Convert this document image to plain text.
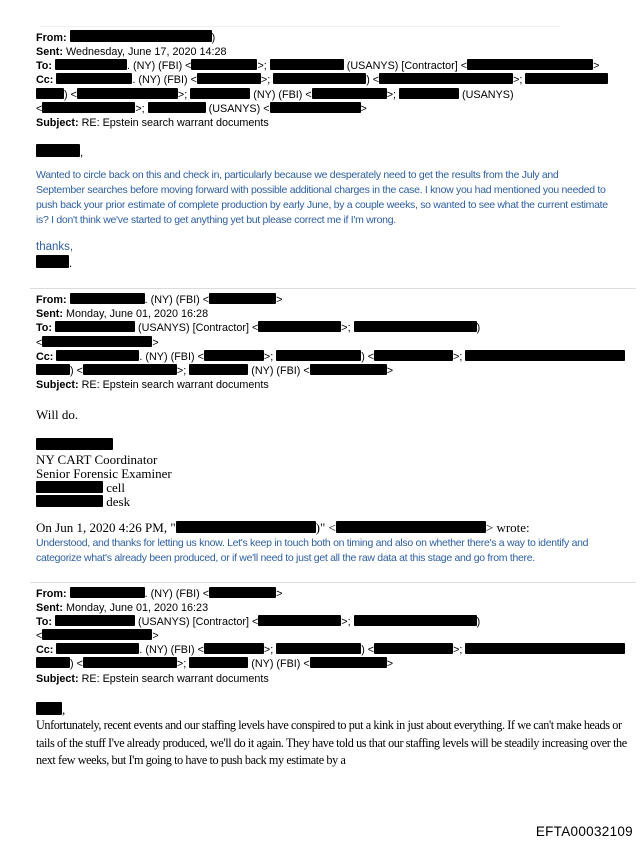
From:	)
Sent: Wednesday, June 17, 2020 14:28
To:	. (NY) (FBI) <	>;	(USANYS) [Contractor] <	>
Cc:	. (NY) (FBI) <	>;	) <	>;
) <	>;	(NY) (FBI) <	>;	(USANYS)
<	>;	(USANYS) <	>
Subject: RE: Epstein search warrant documents
,
Wanted to circle back on this and check in, particularly because we desperately need to get the results from the July and September searches before moving forward with possible additional charges in the case. I know you had mentioned you needed to push back your prior estimate of complete production by early June, by a couple weeks, so wanted to see what the current estimate is? I don't think we've started to get anything yet but please correct me if I'm wrong.
thanks,
.
From:	. (NY) (FBI) <	>
Sent: Monday, June 01, 2020 16:28
To:	(USANYS) [Contractor] <	>;	)
<	>
Cc:	. (NY) (FBI) <	>;	) <	>;
) <	>;	(NY) (FBI) <	>
Subject: RE: Epstein search warrant documents
Will do.
NY CART Coordinator
Senior Forensic Examiner
cell
desk
On Jun 1, 2020 4:26 PM, "	)" <	> wrote:
Understood, and thanks for letting us know. Let's keep in touch both on timing and also on whether there's a way to identify and categorize what's already been produced, or if we'll need to just get all the raw data at this stage and go from there.
From:	. (NY) (FBI) <	>
Sent: Monday, June 01, 2020 16:23
To:	(USANYS) [Contractor] <	>;	)
<	>
Cc:	. (NY) (FBI) <	>;	) <	>;
) <	>;	(NY) (FBI) <	>
Subject: RE: Epstein search warrant documents
,
Unfortunately, recent events and our staffing levels have conspired to put a kink in just about everything. If we can't make heads or tails of the stuff I've already produced, we'll do it again. They have told us that our staffing levels will be steadily increasing over the next few weeks, but I'm going to have to push back my estimate by a
EFTA00032109
